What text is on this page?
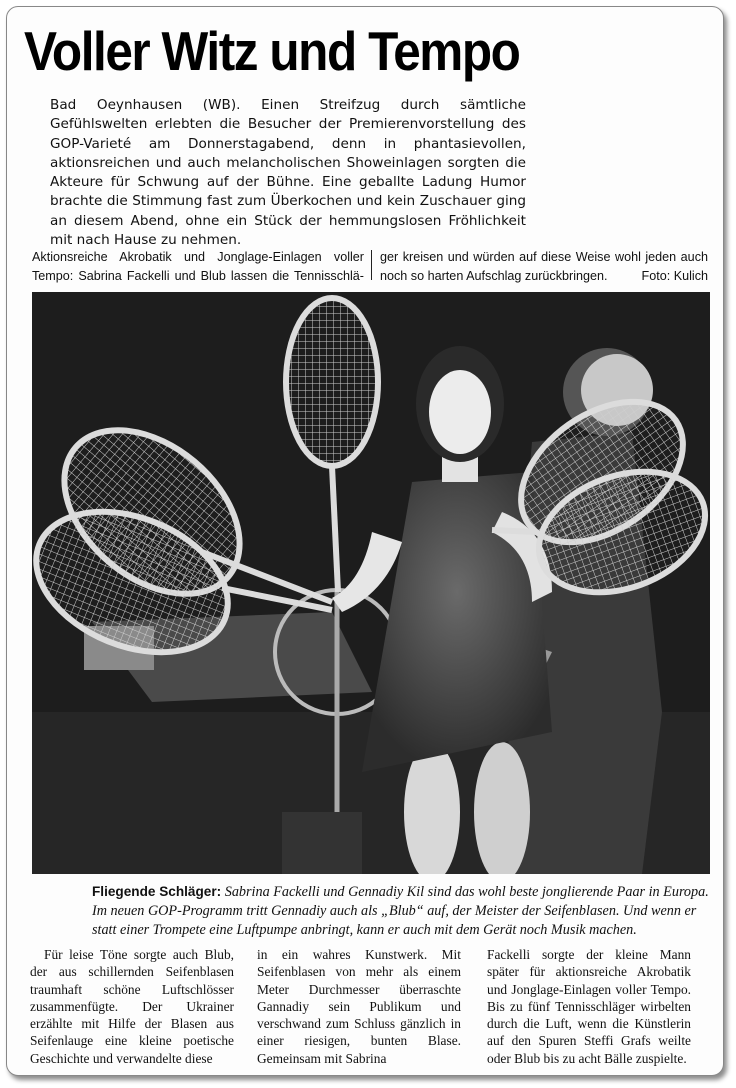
Voller Witz und Tempo

Bad Oeynhausen (WB). Einen Streifzug durch sämtliche Gefühlswelten erlebten die Besucher der Premierenvorstellung des GOP-Varieté am Donnerstagabend, denn in phantasievollen, aktionsreichen und auch melancholischen Showeinlagen sorgten die Akteure für Schwung auf der Bühne. Eine geballte Ladung Humor brachte die Stimmung fast zum Überkochen und kein Zuschauer ging an diesem Abend, ohne ein Stück der hemmungslosen Fröhlichkeit mit nach Hause zu nehmen.

Aktionsreiche Akrobatik und Jonglage-Einlagen voller
Tempo: Sabrina Fackelli und Blub lassen die Tennisschlä-
ger kreisen und würden auf diese Weise wohl jeden auch
noch so harten Aufschlag zurückbringen.	Foto: Kulich
Fliegende Schläger: Sabrina Fackelli und Gennadiy Kil sind das wohl beste jonglierende Paar in Europa. Im neuen GOP-Programm tritt Gennadiy auch als „Blub“ auf, der Meister der Seifenblasen. Und wenn er statt einer Trompete eine Luftpumpe anbringt, kann er auch mit dem Gerät noch Musik machen.

Für leise Töne sorgte auch Blub, der aus schillernden Seifenblasen traumhaft schöne Luftschlösser zusammenfügte. Der Ukrainer erzählte mit Hilfe der Blasen aus Seifenlauge eine kleine poetische Geschichte und verwandelte diese

in ein wahres Kunstwerk. Mit Seifenblasen von mehr als einem Meter Durchmesser überraschte Gannadiy sein Publikum und verschwand zum Schluss gänzlich in einer riesigen, bunten Blase. Gemeinsam mit Sabrina

Fackelli sorgte der kleine Mann später für aktionsreiche Akrobatik und Jonglage-Einlagen voller Tempo. Bis zu fünf Tennisschläger wirbelten durch die Luft, wenn die Künstlerin auf den Spuren Steffi Grafs weilte oder Blub bis zu acht Bälle zuspielte.
